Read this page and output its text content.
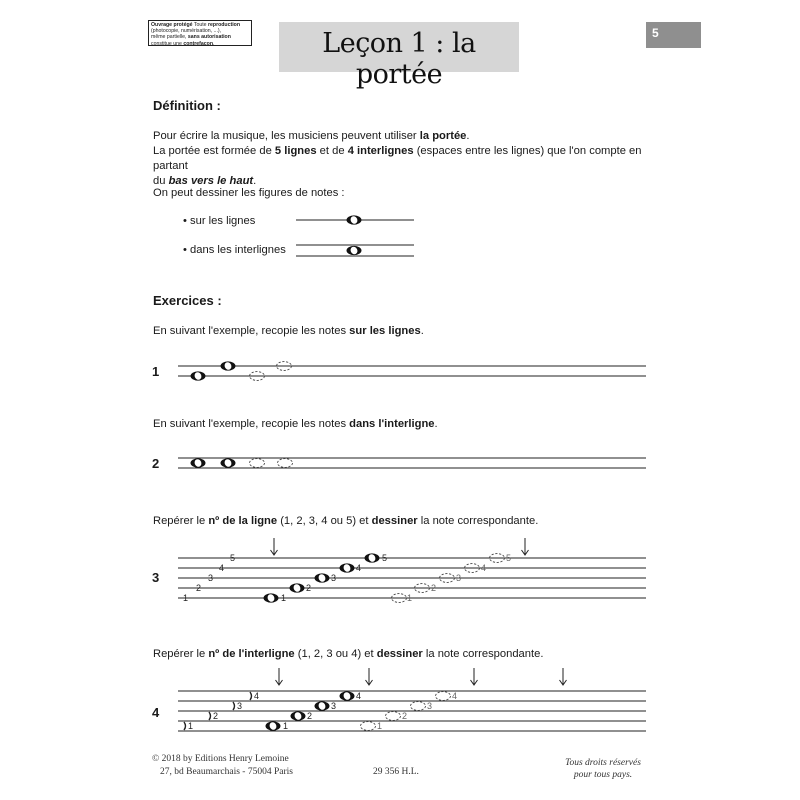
Ouvrage protégé Toute reproduction
(photocopie, numérisation, ...),
même partielle, sans autorisation
constitue une contrefaçon.	Leçon 1 : la portée
5
Définition :
Pour écrire la musique, les musiciens peuvent utiliser la portée.
La portée est formée de 5 lignes et de 4 interlignes (espaces entre les lignes) que l'on compte en partant
du bas vers le haut.
On peut dessiner les figures de notes :
• sur les lignes
• dans les interlignes
Exercices :
En suivant l'exemple, recopie les notes sur les lignes.
En suivant l'exemple, recopie les notes dans l'interligne.
Repérer le nº de la ligne (1, 2, 3, 4 ou 5) et dessiner la note correspondante.
Repérer le nº de l'interligne (1, 2, 3 ou 4) et dessiner la note correspondante.
1
2
3
4
1
2
3
4
5
1
2
3
4
5
1
2
3
4
5
1
2
3
4
1
2
3
4
1
2
3
4
© 2018 by Editions Henry Lemoine
27, bd Beaumarchais - 75004 Paris	29 356 H.L.
Tous droits réservés
pour tous pays.
